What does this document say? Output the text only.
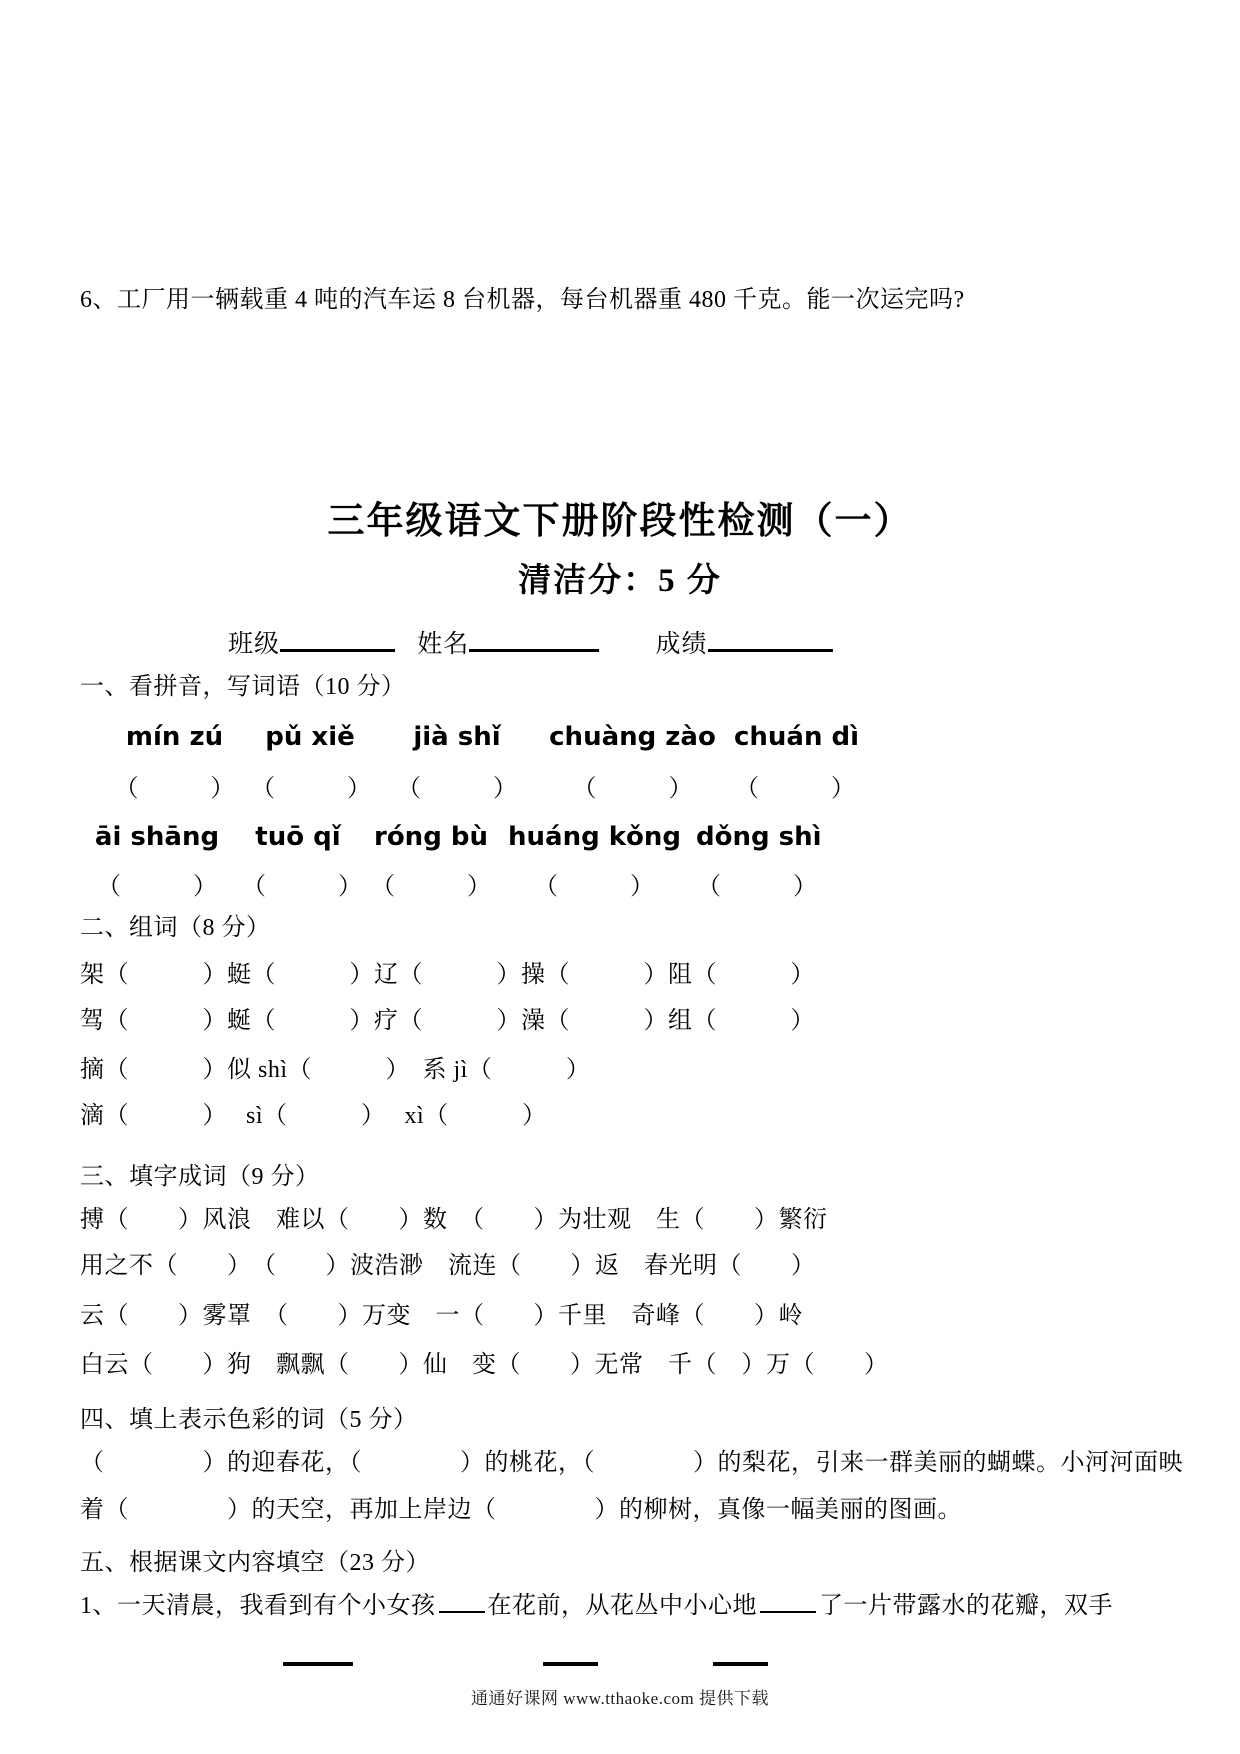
6、工厂用一辆载重 4 吨的汽车运 8 台机器，每台机器重 480 千克。能一次运完吗?
三年级语文下册阶段性检测（一）
清洁分：5 分
班级	姓名	成绩
一、看拼音，写词语（10 分）
mín zú	pǔ xiě	jià shǐ	chuàng zào chuán dì
（　　　） （　　　）	（　　　）	（　　　）	（　　　）
āi shāng	tuō qǐ	róng bù huáng kǒng dǒng shì
（　　　）	（　　　） （　　　）	（　　　）	（　　　）
二、组词（8 分）
架（　　　）蜓（　　　）辽（　　　）操（　　　）阻（　　　）
驾（　　　）蜒（　　　）疗（　　　）澡（　　　）组（　　　）
摘（　　　）似 shì（　　　）　系 jì（　　　）
滴（　　　）　 sì（　　　）　 xì（　　　）
三、填字成词（9 分）
搏（　　）风浪　难以（　　）数　（　　）为壮观　生（　　）繁衍
用之不（　　）　（　　）波浩渺　流连（　　）返　春光明（　　）
云（　　）雾罩　（　　）万变　一（　　）千里　奇峰（　　）岭
白云（　　）狗　飘飘（　　）仙　变（　　）无常　千（　）万（　　）
四、填上表示色彩的词（5 分）
（　　　　）的迎春花，（　　　　）的桃花，（　　　　）的梨花，引来一群美丽的蝴蝶。小河河面映
着（　　　　）的天空，再加上岸边（　　　　）的柳树，真像一幅美丽的图画。
五、根据课文内容填空（23 分）
1、一天清晨，我看到有个小女孩 在花前，从花丛中小心地	了一片带露水的花瓣，双手
通通好课网 www.tthaoke.com 提供下载
